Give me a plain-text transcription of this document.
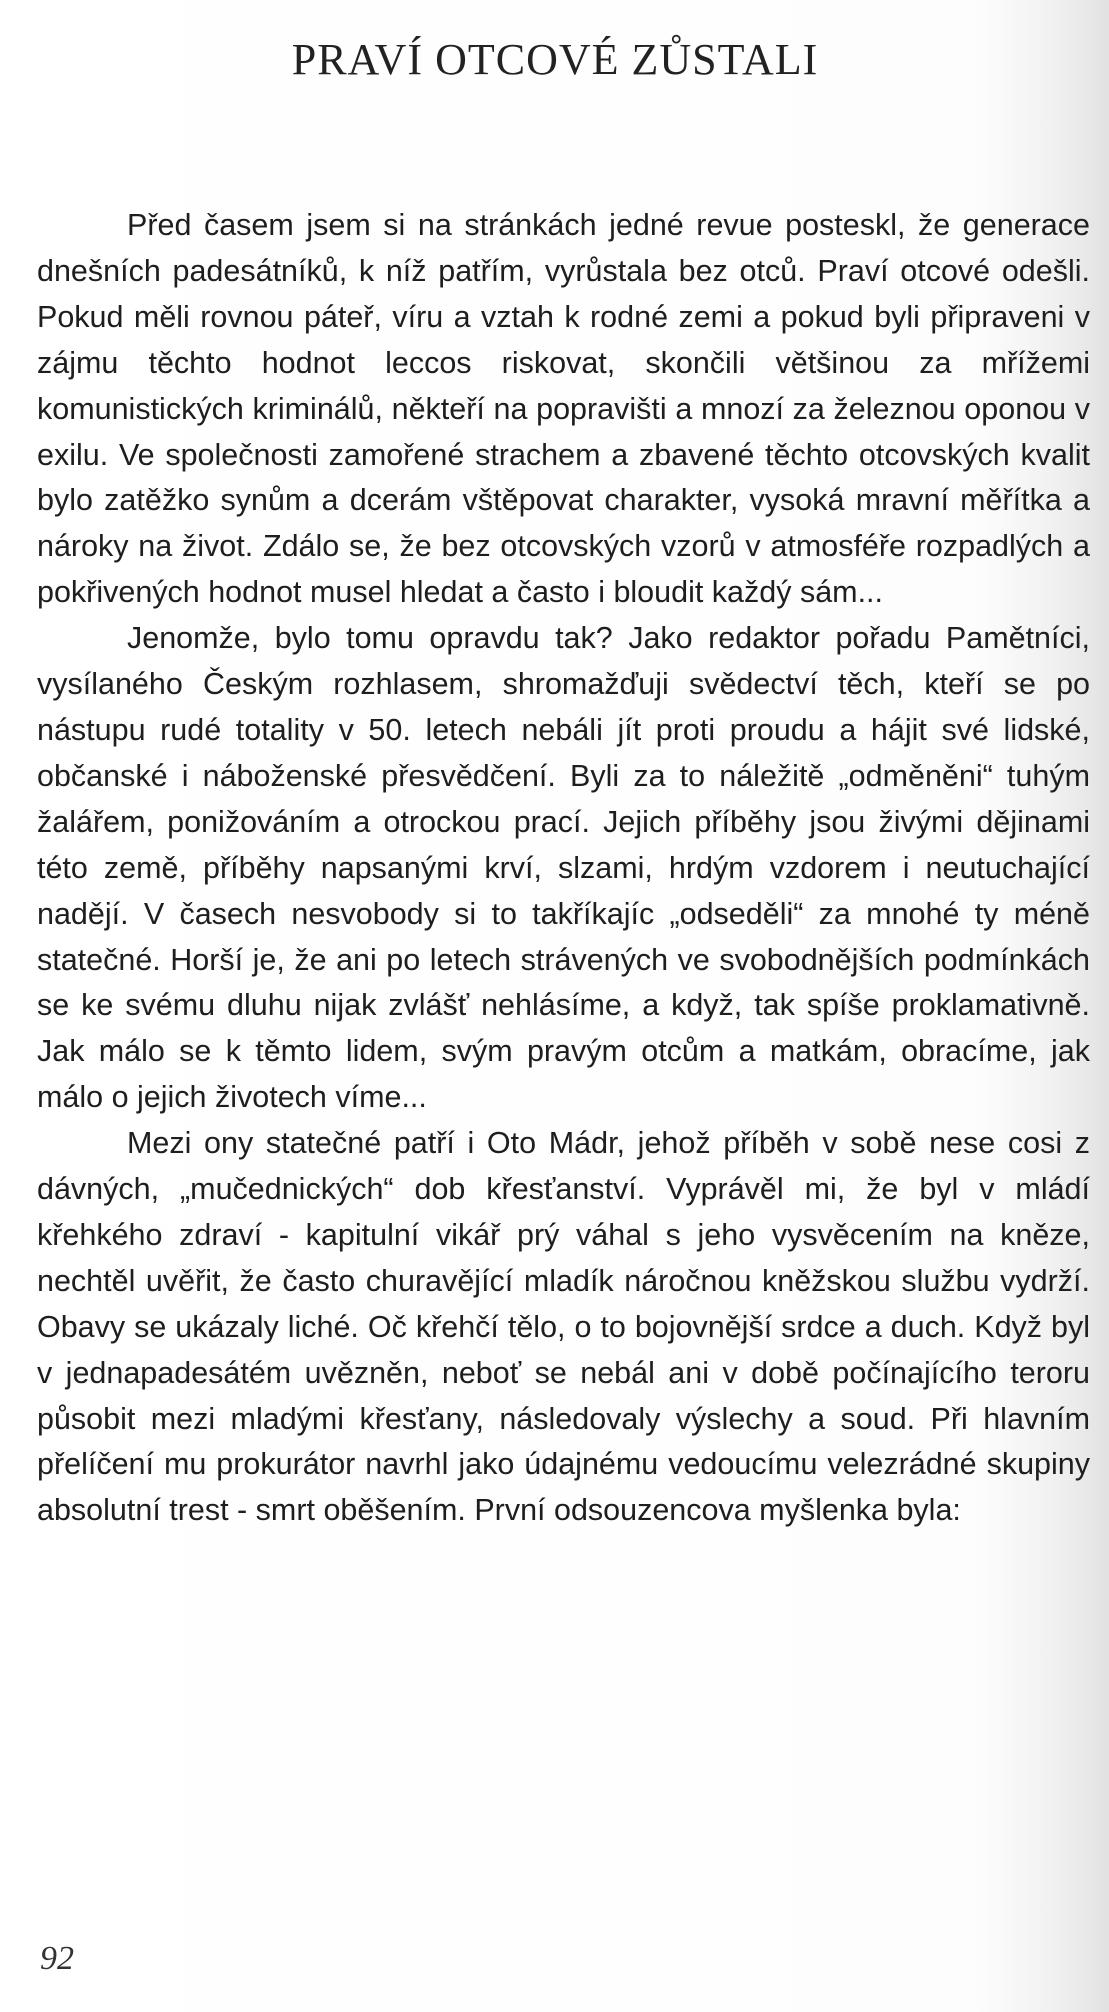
PRAVÍ OTCOVÉ ZŮSTALI

Před časem jsem si na stránkách jedné revue posteskl, že generace dnešních padesátníků, k níž patřím, vyrůstala bez otců. Praví otcové odešli. Pokud měli rovnou páteř, víru a vztah k rodné zemi a pokud byli připraveni v zájmu těchto hodnot leccos riskovat, skončili většinou za mřížemi komunistických kriminálů, někteří na popravišti a mnozí za železnou oponou v exilu. Ve společnosti zamořené strachem a zbavené těchto otcovských kvalit bylo zatěžko synům a dcerám vštěpovat charakter, vysoká mravní měřítka a nároky na život. Zdálo se, že bez otcovských vzorů v atmosféře rozpadlých a pokřivených hodnot musel hledat a často i bloudit každý sám...

Jenomže, bylo tomu opravdu tak? Jako redaktor pořadu Pamětníci, vysílaného Českým rozhlasem, shromažďuji svědectví těch, kteří se po nástupu rudé totality v 50. letech nebáli jít proti proudu a hájit své lidské, občanské i náboženské přesvědčení. Byli za to náležitě „odměněni“ tuhým žalářem, ponižováním a otrockou prací. Jejich příběhy jsou živými dějinami této země, příběhy napsanými krví, slzami, hrdým vzdorem i neutuchající nadějí. V časech nesvobody si to takříkajíc „odseděli“ za mnohé ty méně statečné. Horší je, že ani po letech strávených ve svobodnějších podmínkách se ke svému dluhu nijak zvlášť nehlásíme, a když, tak spíše proklamativně. Jak málo se k těmto lidem, svým pravým otcům a matkám, obracíme, jak málo o jejich životech víme...

Mezi ony statečné patří i Oto Mádr, jehož příběh v sobě nese cosi z dávných, „mučednických“ dob křesťanství. Vyprávěl mi, že byl v mládí křehkého zdraví - kapitulní vikář prý váhal s jeho vysvěcením na kněze, nechtěl uvěřit, že často churavějící mladík náročnou kněžskou službu vydrží. Obavy se ukázaly liché. Oč křehčí tělo, o to bojovnější srdce a duch. Když byl v jednapadesátém uvězněn, neboť se nebál ani v době počínajícího teroru působit mezi mladými křesťany, následovaly výslechy a soud. Při hlavním přelíčení mu prokurátor navrhl jako údajnému vedoucímu velezrádné skupiny absolutní trest - smrt oběšením. První odsouzencova myšlenka byla:

92
